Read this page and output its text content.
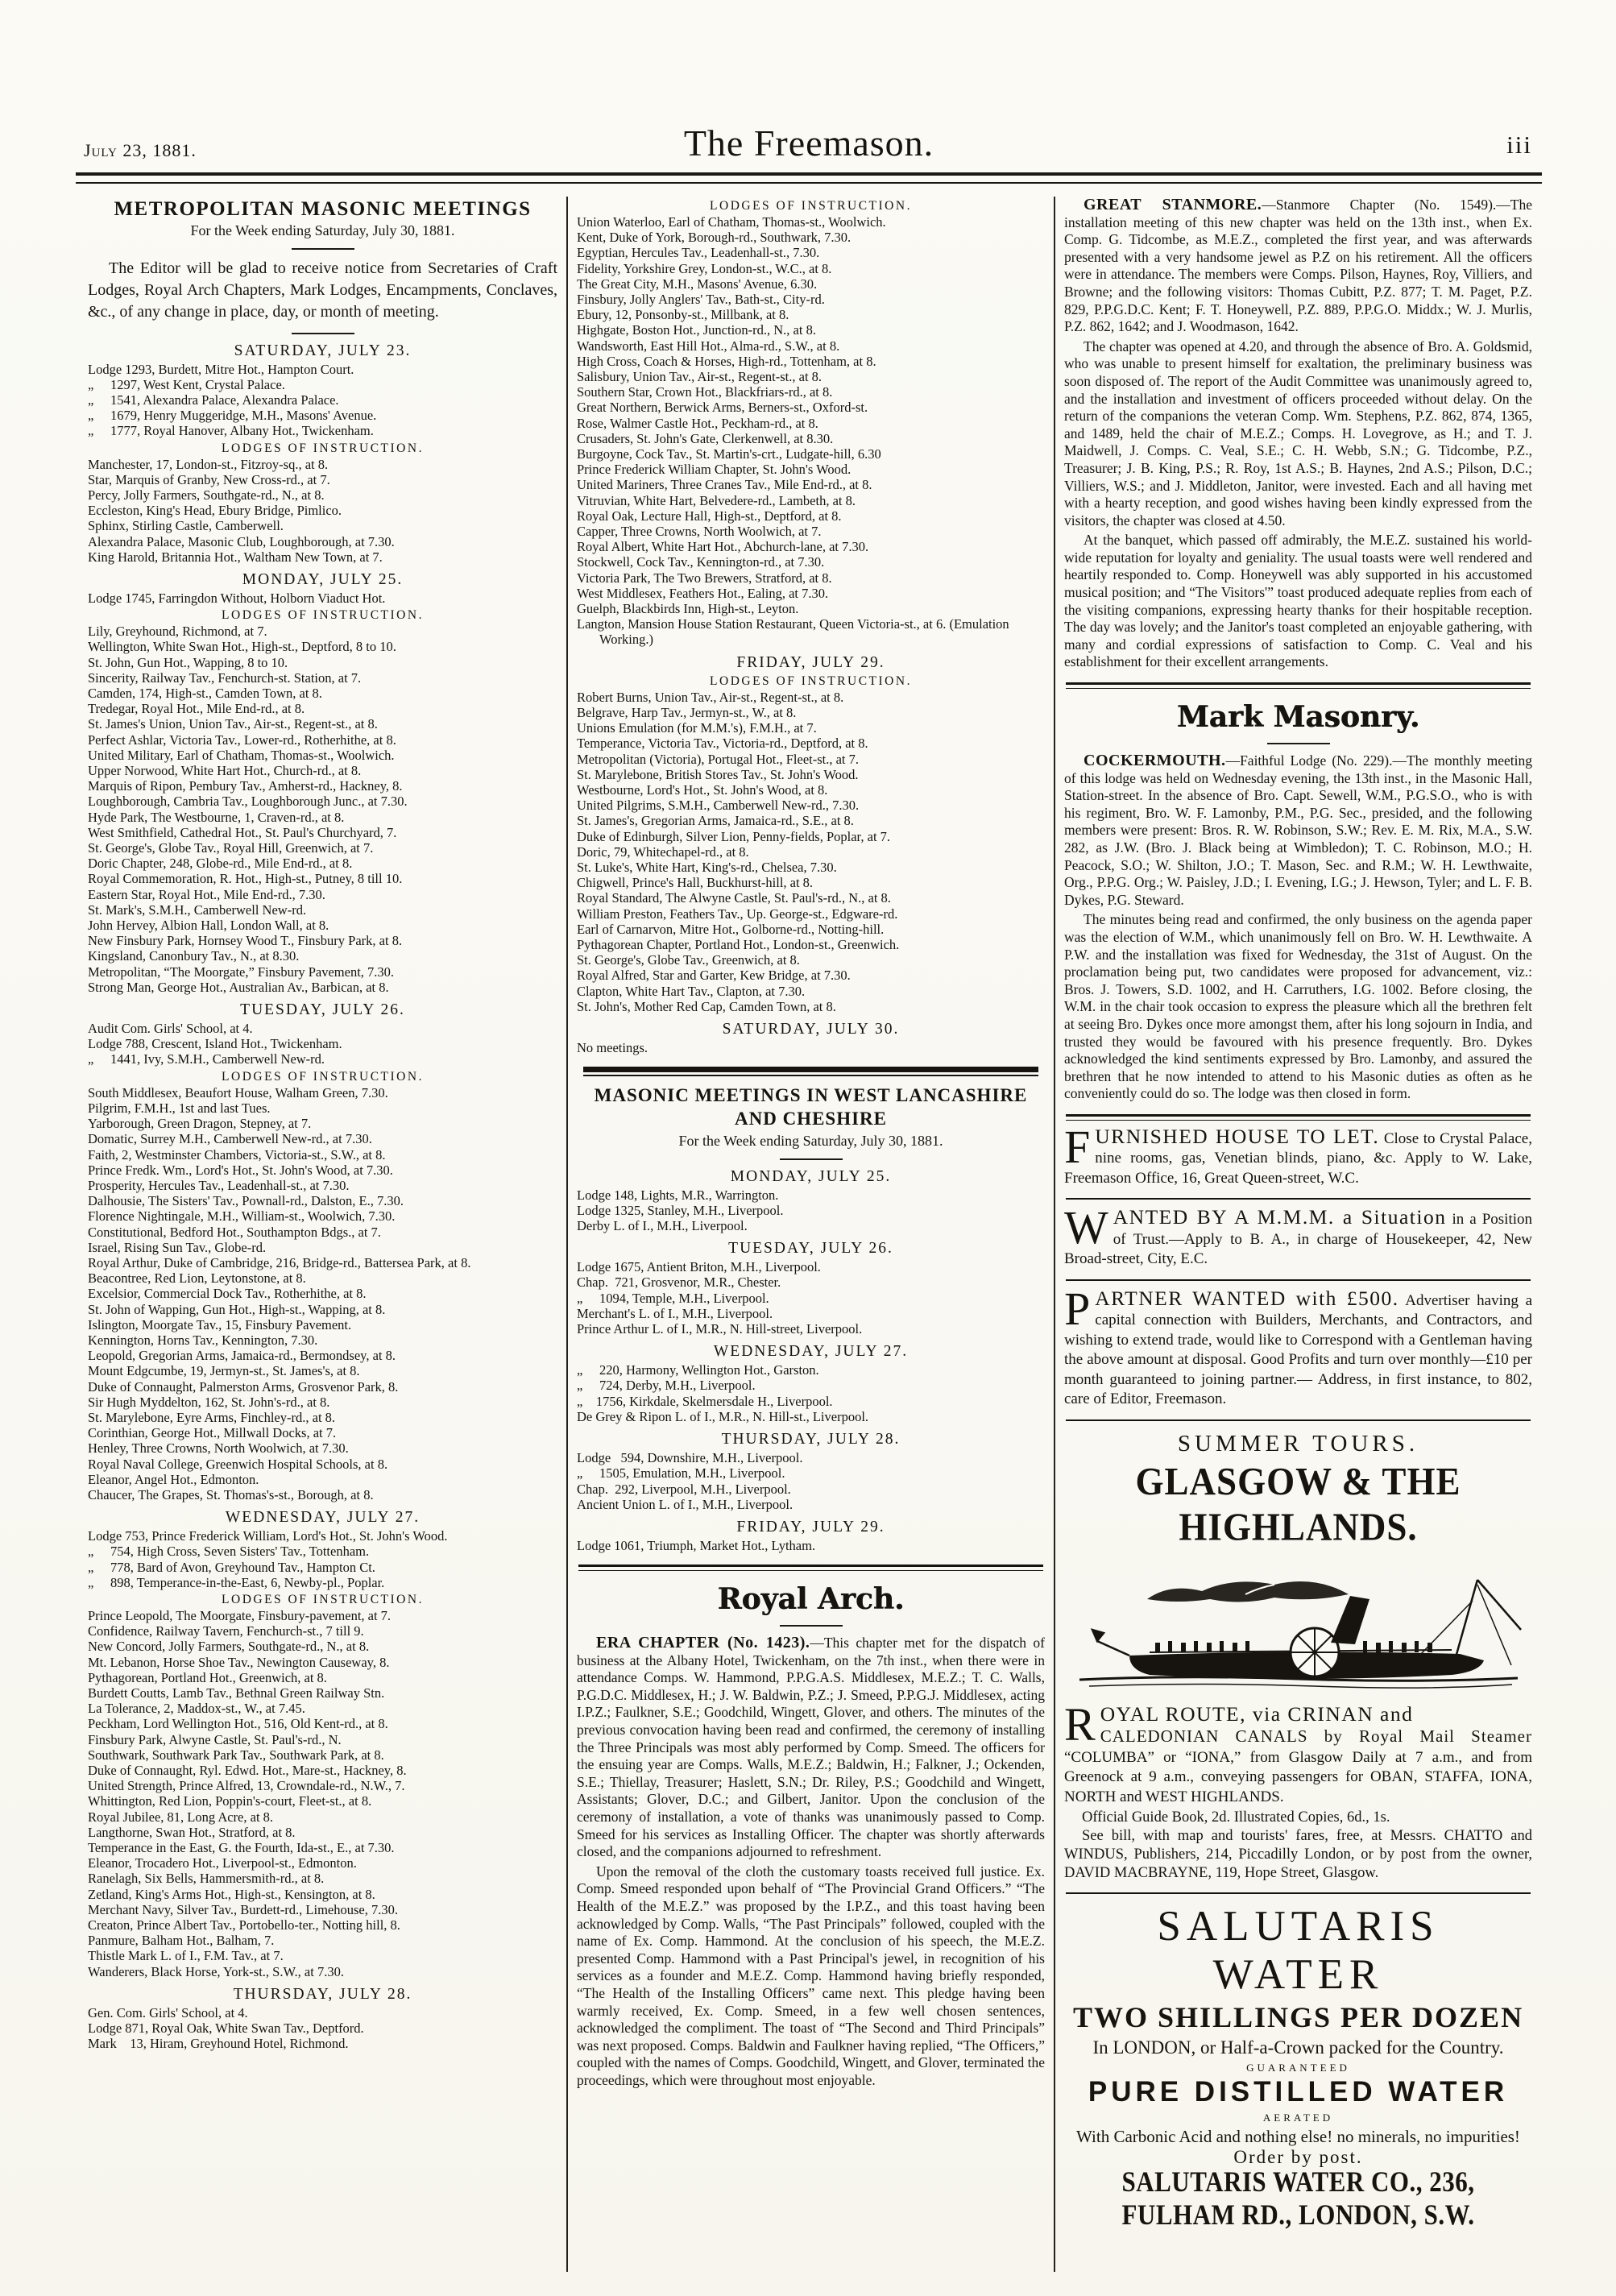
July 23, 1881.	The Freemason.	iii
METROPOLITAN MASONIC MEETINGS
For the Week ending Saturday, July 30, 1881.
The Editor will be glad to receive notice from Secretaries of Craft Lodges, Royal Arch Chapters, Mark Lodges, Encampments, Conclaves, &c., of any change in place, day, or month of meeting.
SATURDAY, JULY 23.
Lodge 1293, Burdett, Mitre Hot., Hampton Court.
„     1297, West Kent, Crystal Palace.
„     1541, Alexandra Palace, Alexandra Palace.
„     1679, Henry Muggeridge, M.H., Masons' Avenue.
„     1777, Royal Hanover, Albany Hot., Twickenham.
LODGES OF INSTRUCTION.
Manchester, 17, London-st., Fitzroy-sq., at 8.
Star, Marquis of Granby, New Cross-rd., at 7.
Percy, Jolly Farmers, Southgate-rd., N., at 8.
Eccleston, King's Head, Ebury Bridge, Pimlico.
Sphinx, Stirling Castle, Camberwell.
Alexandra Palace, Masonic Club, Loughborough, at 7.30.
King Harold, Britannia Hot., Waltham New Town, at 7.
MONDAY, JULY 25.
Lodge 1745, Farringdon Without, Holborn Viaduct Hot.
LODGES OF INSTRUCTION.
Lily, Greyhound, Richmond, at 7.
Wellington, White Swan Hot., High-st., Deptford, 8 to 10.
St. John, Gun Hot., Wapping, 8 to 10.
Sincerity, Railway Tav., Fenchurch-st. Station, at 7.
Camden, 174, High-st., Camden Town, at 8.
Tredegar, Royal Hot., Mile End-rd., at 8.
St. James's Union, Union Tav., Air-st., Regent-st., at 8.
Perfect Ashlar, Victoria Tav., Lower-rd., Rotherhithe, at 8.
United Military, Earl of Chatham, Thomas-st., Woolwich.
Upper Norwood, White Hart Hot., Church-rd., at 8.
Marquis of Ripon, Pembury Tav., Amherst-rd., Hackney, 8.
Loughborough, Cambria Tav., Loughborough Junc., at 7.30.
Hyde Park, The Westbourne, 1, Craven-rd., at 8.
West Smithfield, Cathedral Hot., St. Paul's Churchyard, 7.
St. George's, Globe Tav., Royal Hill, Greenwich, at 7.
Doric Chapter, 248, Globe-rd., Mile End-rd., at 8.
Royal Commemoration, R. Hot., High-st., Putney, 8 till 10.
Eastern Star, Royal Hot., Mile End-rd., 7.30.
St. Mark's, S.M.H., Camberwell New-rd.
John Hervey, Albion Hall, London Wall, at 8.
New Finsbury Park, Hornsey Wood T., Finsbury Park, at 8.
Kingsland, Canonbury Tav., N., at 8.30.
Metropolitan, “The Moorgate,” Finsbury Pavement, 7.30.
Strong Man, George Hot., Australian Av., Barbican, at 8.
TUESDAY, JULY 26.
Audit Com. Girls' School, at 4.
Lodge 788, Crescent, Island Hot., Twickenham.
„     1441, Ivy, S.M.H., Camberwell New-rd.
LODGES OF INSTRUCTION.
South Middlesex, Beaufort House, Walham Green, 7.30.
Pilgrim, F.M.H., 1st and last Tues.
Yarborough, Green Dragon, Stepney, at 7.
Domatic, Surrey M.H., Camberwell New-rd., at 7.30.
Faith, 2, Westminster Chambers, Victoria-st., S.W., at 8.
Prince Fredk. Wm., Lord's Hot., St. John's Wood, at 7.30.
Prosperity, Hercules Tav., Leadenhall-st., at 7.30.
Dalhousie, The Sisters' Tav., Pownall-rd., Dalston, E., 7.30.
Florence Nightingale, M.H., William-st., Woolwich, 7.30.
Constitutional, Bedford Hot., Southampton Bdgs., at 7.
Israel, Rising Sun Tav., Globe-rd.
Royal Arthur, Duke of Cambridge, 216, Bridge-rd., Battersea Park, at 8.
Beacontree, Red Lion, Leytonstone, at 8.
Excelsior, Commercial Dock Tav., Rotherhithe, at 8.
St. John of Wapping, Gun Hot., High-st., Wapping, at 8.
Islington, Moorgate Tav., 15, Finsbury Pavement.
Kennington, Horns Tav., Kennington, 7.30.
Leopold, Gregorian Arms, Jamaica-rd., Bermondsey, at 8.
Mount Edgcumbe, 19, Jermyn-st., St. James's, at 8.
Duke of Connaught, Palmerston Arms, Grosvenor Park, 8.
Sir Hugh Myddelton, 162, St. John's-rd., at 8.
St. Marylebone, Eyre Arms, Finchley-rd., at 8.
Corinthian, George Hot., Millwall Docks, at 7.
Henley, Three Crowns, North Woolwich, at 7.30.
Royal Naval College, Greenwich Hospital Schools, at 8.
Eleanor, Angel Hot., Edmonton.
Chaucer, The Grapes, St. Thomas's-st., Borough, at 8.
WEDNESDAY, JULY 27.
Lodge 753, Prince Frederick William, Lord's Hot., St. John's Wood.
„     754, High Cross, Seven Sisters' Tav., Tottenham.
„     778, Bard of Avon, Greyhound Tav., Hampton Ct.
„     898, Temperance-in-the-East, 6, Newby-pl., Poplar.
LODGES OF INSTRUCTION.
Prince Leopold, The Moorgate, Finsbury-pavement, at 7.
Confidence, Railway Tavern, Fenchurch-st., 7 till 9.
New Concord, Jolly Farmers, Southgate-rd., N., at 8.
Mt. Lebanon, Horse Shoe Tav., Newington Causeway, 8.
Pythagorean, Portland Hot., Greenwich, at 8.
Burdett Coutts, Lamb Tav., Bethnal Green Railway Stn.
La Tolerance, 2, Maddox-st., W., at 7.45.
Peckham, Lord Wellington Hot., 516, Old Kent-rd., at 8.
Finsbury Park, Alwyne Castle, St. Paul's-rd., N.
Southwark, Southwark Park Tav., Southwark Park, at 8.
Duke of Connaught, Ryl. Edwd. Hot., Mare-st., Hackney, 8.
United Strength, Prince Alfred, 13, Crowndale-rd., N.W., 7.
Whittington, Red Lion, Poppin's-court, Fleet-st., at 8.
Royal Jubilee, 81, Long Acre, at 8.
Langthorne, Swan Hot., Stratford, at 8.
Temperance in the East, G. the Fourth, Ida-st., E., at 7.30.
Eleanor, Trocadero Hot., Liverpool-st., Edmonton.
Ranelagh, Six Bells, Hammersmith-rd., at 8.
Zetland, King's Arms Hot., High-st., Kensington, at 8.
Merchant Navy, Silver Tav., Burdett-rd., Limehouse, 7.30.
Creaton, Prince Albert Tav., Portobello-ter., Notting hill, 8.
Panmure, Balham Hot., Balham, 7.
Thistle Mark L. of I., F.M. Tav., at 7.
Wanderers, Black Horse, York-st., S.W., at 7.30.
THURSDAY, JULY 28.
Gen. Com. Girls' School, at 4.
Lodge 871, Royal Oak, White Swan Tav., Deptford.
Mark    13, Hiram, Greyhound Hotel, Richmond.
LODGES OF INSTRUCTION.
Union Waterloo, Earl of Chatham, Thomas-st., Woolwich.
Kent, Duke of York, Borough-rd., Southwark, 7.30.
Egyptian, Hercules Tav., Leadenhall-st., 7.30.
Fidelity, Yorkshire Grey, London-st., W.C., at 8.
The Great City, M.H., Masons' Avenue, 6.30.
Finsbury, Jolly Anglers' Tav., Bath-st., City-rd.
Ebury, 12, Ponsonby-st., Millbank, at 8.
Highgate, Boston Hot., Junction-rd., N., at 8.
Wandsworth, East Hill Hot., Alma-rd., S.W., at 8.
High Cross, Coach & Horses, High-rd., Tottenham, at 8.
Salisbury, Union Tav., Air-st., Regent-st., at 8.
Southern Star, Crown Hot., Blackfriars-rd., at 8.
Great Northern, Berwick Arms, Berners-st., Oxford-st.
Rose, Walmer Castle Hot., Peckham-rd., at 8.
Crusaders, St. John's Gate, Clerkenwell, at 8.30.
Burgoyne, Cock Tav., St. Martin's-crt., Ludgate-hill, 6.30
Prince Frederick William Chapter, St. John's Wood.
United Mariners, Three Cranes Tav., Mile End-rd., at 8.
Vitruvian, White Hart, Belvedere-rd., Lambeth, at 8.
Royal Oak, Lecture Hall, High-st., Deptford, at 8.
Capper, Three Crowns, North Woolwich, at 7.
Royal Albert, White Hart Hot., Abchurch-lane, at 7.30.
Stockwell, Cock Tav., Kennington-rd., at 7.30.
Victoria Park, The Two Brewers, Stratford, at 8.
West Middlesex, Feathers Hot., Ealing, at 7.30.
Guelph, Blackbirds Inn, High-st., Leyton.
Langton, Mansion House Station Restaurant, Queen Victoria-st., at 6. (Emulation Working.)
FRIDAY, JULY 29.
LODGES OF INSTRUCTION.
Robert Burns, Union Tav., Air-st., Regent-st., at 8.
Belgrave, Harp Tav., Jermyn-st., W., at 8.
Unions Emulation (for M.M.'s), F.M.H., at 7.
Temperance, Victoria Tav., Victoria-rd., Deptford, at 8.
Metropolitan (Victoria), Portugal Hot., Fleet-st., at 7.
St. Marylebone, British Stores Tav., St. John's Wood.
Westbourne, Lord's Hot., St. John's Wood, at 8.
United Pilgrims, S.M.H., Camberwell New-rd., 7.30.
St. James's, Gregorian Arms, Jamaica-rd., S.E., at 8.
Duke of Edinburgh, Silver Lion, Penny-fields, Poplar, at 7.
Doric, 79, Whitechapel-rd., at 8.
St. Luke's, White Hart, King's-rd., Chelsea, 7.30.
Chigwell, Prince's Hall, Buckhurst-hill, at 8.
Royal Standard, The Alwyne Castle, St. Paul's-rd., N., at 8.
William Preston, Feathers Tav., Up. George-st., Edgware-rd.
Earl of Carnarvon, Mitre Hot., Golborne-rd., Notting-hill.
Pythagorean Chapter, Portland Hot., London-st., Greenwich.
St. George's, Globe Tav., Greenwich, at 8.
Royal Alfred, Star and Garter, Kew Bridge, at 7.30.
Clapton, White Hart Tav., Clapton, at 7.30.
St. John's, Mother Red Cap, Camden Town, at 8.
SATURDAY, JULY 30.
No meetings.
MASONIC MEETINGS IN WEST LANCASHIRE AND CHESHIRE
For the Week ending Saturday, July 30, 1881.
MONDAY, JULY 25.
Lodge 148, Lights, M.R., Warrington.
Lodge 1325, Stanley, M.H., Liverpool.
Derby L. of I., M.H., Liverpool.
TUESDAY, JULY 26.
Lodge 1675, Antient Briton, M.H., Liverpool.
Chap.  721, Grosvenor, M.R., Chester.
„     1094, Temple, M.H., Liverpool.
Merchant's L. of I., M.H., Liverpool.
Prince Arthur L. of I., M.R., N. Hill-street, Liverpool.
WEDNESDAY, JULY 27.
„     220, Harmony, Wellington Hot., Garston.
„     724, Derby, M.H., Liverpool.
„    1756, Kirkdale, Skelmersdale H., Liverpool.
De Grey & Ripon L. of I., M.R., N. Hill-st., Liverpool.
THURSDAY, JULY 28.
Lodge   594, Downshire, M.H., Liverpool.
„     1505, Emulation, M.H., Liverpool.
Chap.  292, Liverpool, M.H., Liverpool.
Ancient Union L. of I., M.H., Liverpool.
FRIDAY, JULY 29.
Lodge 1061, Triumph, Market Hot., Lytham.
Royal Arch.
ERA CHAPTER (No. 1423).—This chapter met for the dispatch of business at the Albany Hotel, Twickenham, on the 7th inst., when there were in attendance Comps. W. Hammond, P.P.G.A.S. Middlesex, M.E.Z.; T. C. Walls, P.G.D.C. Middlesex, H.; J. W. Baldwin, P.Z.; J. Smeed, P.P.G.J. Middlesex, acting I.P.Z.; Faulkner, S.E.; Goodchild, Wingett, Glover, and others. The minutes of the previous convocation having been read and confirmed, the ceremony of installing the Three Principals was most ably performed by Comp. Smeed. The officers for the ensuing year are Comps. Walls, M.E.Z.; Baldwin, H.; Falkner, J.; Ockenden, S.E.; Thiellay, Treasurer; Haslett, S.N.; Dr. Riley, P.S.; Goodchild and Wingett, Assistants; Glover, D.C.; and Gilbert, Janitor. Upon the conclusion of the ceremony of installation, a vote of thanks was unanimously passed to Comp. Smeed for his services as Installing Officer. The chapter was shortly afterwards closed, and the companions adjourned to refreshment.
Upon the removal of the cloth the customary toasts received full justice. Ex. Comp. Smeed responded upon behalf of “The Provincial Grand Officers.” “The Health of the M.E.Z.” was proposed by the I.P.Z., and this toast having been acknowledged by Comp. Walls, “The Past Principals” followed, coupled with the name of Ex. Comp. Hammond. At the conclusion of his speech, the M.E.Z. presented Comp. Hammond with a Past Principal's jewel, in recognition of his services as a founder and M.E.Z. Comp. Hammond having briefly responded, “The Health of the Installing Officers” came next. This pledge having been warmly received, Ex. Comp. Smeed, in a few well chosen sentences, acknowledged the compliment. The toast of “The Second and Third Principals” was next proposed. Comps. Baldwin and Faulkner having replied, “The Officers,” coupled with the names of Comps. Goodchild, Wingett, and Glover, terminated the proceedings, which were throughout most enjoyable.
GREAT STANMORE.—Stanmore Chapter (No. 1549).—The installation meeting of this new chapter was held on the 13th inst., when Ex. Comp. G. Tidcombe, as M.E.Z., completed the first year, and was afterwards presented with a very handsome jewel as P.Z on his retirement. All the officers were in attendance. The members were Comps. Pilson, Haynes, Roy, Villiers, and Browne; and the following visitors: Thomas Cubitt, P.Z. 877; T. M. Paget, P.Z. 829, P.P.G.D.C. Kent; F. T. Honeywell, P.Z. 889, P.P.G.O. Middx.; W. J. Murlis, P.Z. 862, 1642; and J. Woodmason, 1642.
The chapter was opened at 4.20, and through the absence of Bro. A. Goldsmid, who was unable to present himself for exaltation, the preliminary business was soon disposed of. The report of the Audit Committee was unanimously agreed to, and the installation and investment of officers proceeded without delay. On the return of the companions the veteran Comp. Wm. Stephens, P.Z. 862, 874, 1365, and 1489, held the chair of M.E.Z.; Comps. H. Lovegrove, as H.; and T. J. Maidwell, J. Comps. C. Veal, S.E.; C. H. Webb, S.N.; G. Tidcombe, P.Z., Treasurer; J. B. King, P.S.; R. Roy, 1st A.S.; B. Haynes, 2nd A.S.; Pilson, D.C.; Villiers, W.S.; and J. Middleton, Janitor, were invested. Each and all having met with a hearty reception, and good wishes having been kindly expressed from the visitors, the chapter was closed at 4.50.
At the banquet, which passed off admirably, the M.E.Z. sustained his world-wide reputation for loyalty and geniality. The usual toasts were well rendered and heartily responded to. Comp. Honeywell was ably supported in his accustomed musical position; and “The Visitors'” toast produced adequate replies from each of the visiting companions, expressing hearty thanks for their hospitable reception. The day was lovely; and the Janitor's toast completed an enjoyable gathering, with many and cordial expressions of satisfaction to Comp. C. Veal and his establishment for their excellent arrangements.
Mark Masonry.
COCKERMOUTH.—Faithful Lodge (No. 229).—The monthly meeting of this lodge was held on Wednesday evening, the 13th inst., in the Masonic Hall, Station-street. In the absence of Bro. Capt. Sewell, W.M., P.G.S.O., who is with his regiment, Bro. W. F. Lamonby, P.M., P.G. Sec., presided, and the following members were present: Bros. R. W. Robinson, S.W.; Rev. E. M. Rix, M.A., S.W. 282, as J.W. (Bro. J. Black being at Wimbledon); T. C. Robinson, M.O.; H. Peacock, S.O.; W. Shilton, J.O.; T. Mason, Sec. and R.M.; W. H. Lewthwaite, Org., P.P.G. Org.; W. Paisley, J.D.; I. Evening, I.G.; J. Hewson, Tyler; and L. F. B. Dykes, P.G. Steward.
The minutes being read and confirmed, the only business on the agenda paper was the election of W.M., which unanimously fell on Bro. W. H. Lewthwaite. A P.W. and the installation was fixed for Wednesday, the 31st of August. On the proclamation being put, two candidates were proposed for advancement, viz.: Bros. J. Towers, S.D. 1002, and H. Carruthers, I.G. 1002. Before closing, the W.M. in the chair took occasion to express the pleasure which all the brethren felt at seeing Bro. Dykes once more amongst them, after his long sojourn in India, and trusted they would be favoured with his presence frequently. Bro. Dykes acknowledged the kind sentiments expressed by Bro. Lamonby, and assured the brethren that he now intended to attend to his Masonic duties as often as he conveniently could do so. The lodge was then closed in form.
FURNISHED HOUSE TO LET. Close to Crystal Palace, nine rooms, gas, Venetian blinds, piano, &c. Apply to W. Lake, Freemason Office, 16, Great Queen-street, W.C.
WANTED BY A M.M.M. a Situation in a Position of Trust.—Apply to B. A., in charge of Housekeeper, 42, New Broad-street, City, E.C.
PARTNER WANTED with £500. Advertiser having a capital connection with Builders, Merchants, and Contractors, and wishing to extend trade, would like to Correspond with a Gentleman having the above amount at disposal. Good Profits and turn over monthly—£10 per month guaranteed to joining partner.— Address, in first instance, to 802, care of Editor, Freemason.
SUMMER TOURS.
GLASGOW & THE HIGHLANDS.
ROYAL ROUTE, via CRINAN and
CALEDONIAN CANALS by Royal Mail Steamer “COLUMBA” or “IONA,” from Glasgow Daily at 7 a.m., and from Greenock at 9 a.m., conveying passengers for OBAN, STAFFA, IONA, NORTH and WEST HIGHLANDS.
Official Guide Book, 2d. Illustrated Copies, 6d., 1s.
See bill, with map and tourists' fares, free, at Messrs. CHATTO and WINDUS, Publishers, 214, Piccadilly London, or by post from the owner, DAVID MACBRAYNE, 119, Hope Street, Glasgow.
SALUTARIS WATER
TWO SHILLINGS PER DOZEN
In LONDON, or Half-a-Crown packed for the Country.
GUARANTEED
PURE DISTILLED WATER
AERATED
With Carbonic Acid and nothing else! no minerals, no impurities!
Order by post.
SALUTARIS WATER CO., 236, FULHAM RD., LONDON, S.W.
